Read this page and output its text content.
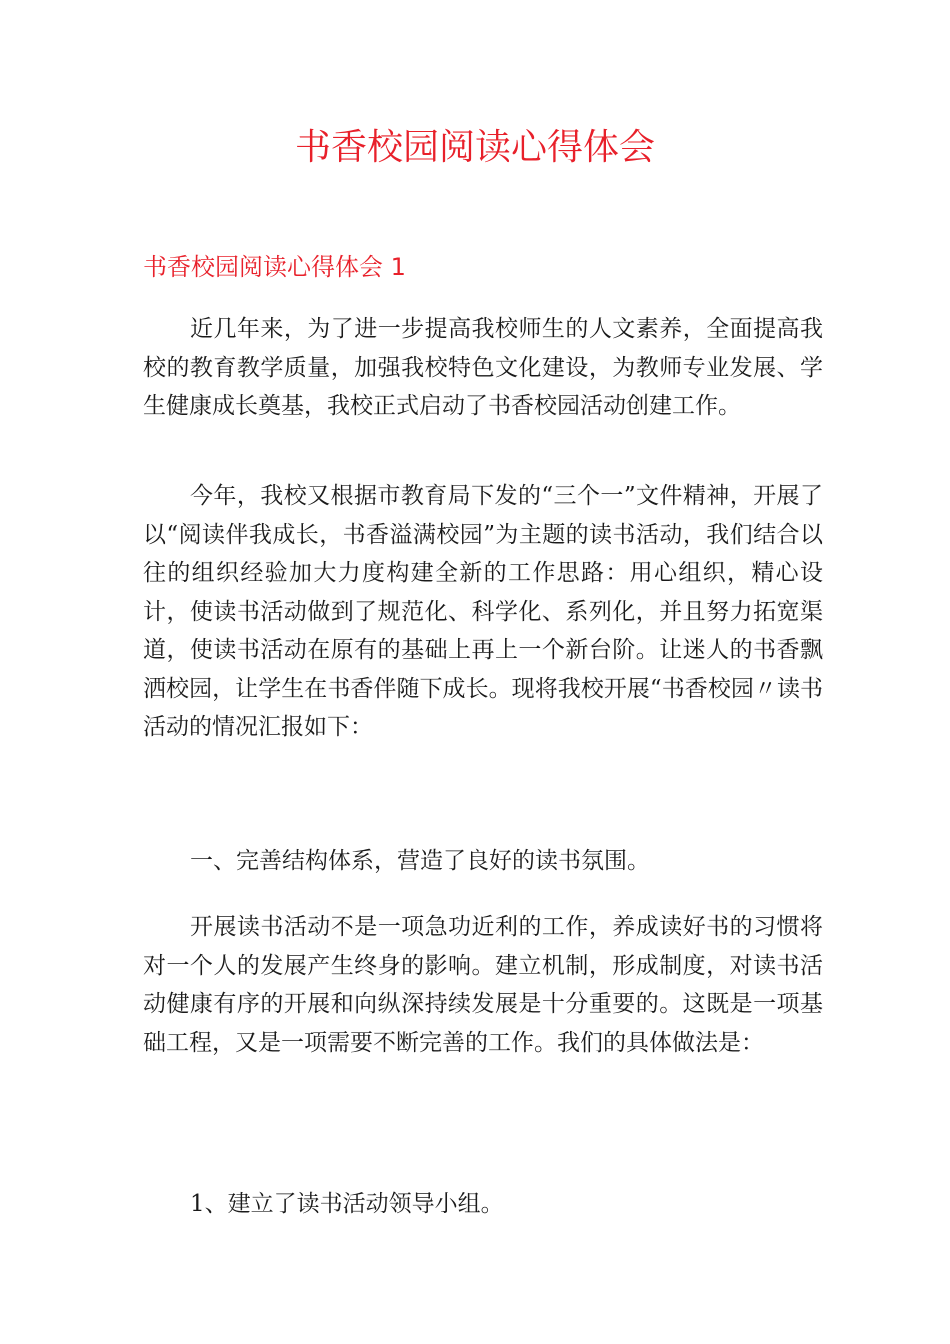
书香校园阅读心得体会
书香校园阅读心得体会 1

近几年来，为了进一步提高我校师生的人文素养，全面提高我校的教育教学质量，加强我校特色文化建设，为教师专业发展、学生健康成长奠基，我校正式启动了书香校园活动创建工作。

今年，我校又根据市教育局下发的“三个一”文件精神，开展了以“阅读伴我成长，书香溢满校园”为主题的读书活动，我们结合以往的组织经验加大力度构建全新的工作思路：用心组织，精心设计，使读书活动做到了规范化、科学化、系列化，并且努力拓宽渠道，使读书活动在原有的基础上再上一个新台阶。让迷人的书香飘洒校园，让学生在书香伴随下成长。现将我校开展“书香校园〃读书活动的情况汇报如下：

一、完善结构体系，营造了良好的读书氛围。

开展读书活动不是一项急功近利的工作，养成读好书的习惯将对一个人的发展产生终身的影响。建立机制，形成制度，对读书活动健康有序的开展和向纵深持续发展是十分重要的。这既是一项基础工程，又是一项需要不断完善的工作。我们的具体做法是：

1、建立了读书活动领导小组。
